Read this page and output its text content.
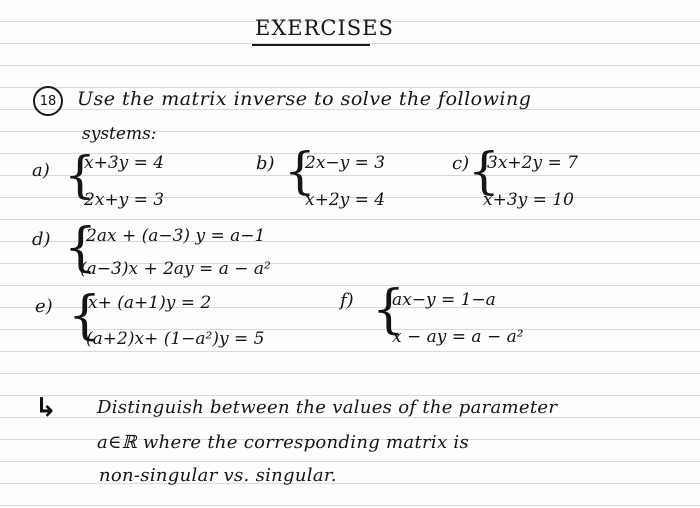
EXERCISES
18 Use the matrix inverse to solve the following
systems:
a) {
x+3y = 4
2x+y = 3
b) {
2x−y = 3
x+2y = 4
c)
{
3x+2y = 7
x+3y = 10
d) {
2ax + (a−3) y = a−1
(a−3)x + 2ay = a − a²
e) {
x+ (a+1)y = 2
(a+2)x+ (1−a²)y = 5
f) {
ax−y = 1−a
x − ay = a − a²
↳ Distinguish between the values of the parameter
a∈ℝ where the corresponding matrix is
non-singular vs. singular.
